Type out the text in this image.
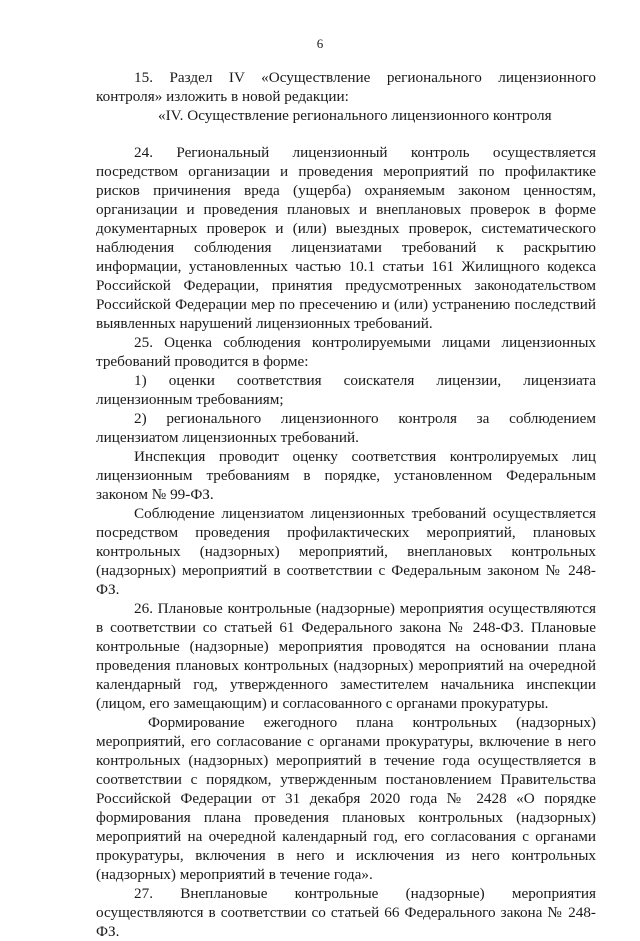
6

15. Раздел IV «Осуществление регионального лицензионного контроля» изложить в новой редакции:

«IV. Осуществление регионального лицензионного контроля

24. Региональный лицензионный контроль осуществляется посредством организации и проведения мероприятий по профилактике рисков причинения вреда (ущерба) охраняемым законом ценностям, организации и проведения плановых и внеплановых проверок в форме документарных проверок и (или) выездных проверок, систематического наблюдения соблюдения лицензиатами требований к раскрытию информации, установленных частью 10.1 статьи 161 Жилищного кодекса Российской Федерации, принятия предусмотренных законодательством Российской Федерации мер по пресечению и (или) устранению последствий выявленных нарушений лицензионных требований.

25. Оценка соблюдения контролируемыми лицами лицензионных требований проводится в форме:

1) оценки соответствия соискателя лицензии, лицензиата лицензионным требованиям;

2) регионального лицензионного контроля за соблюдением лицензиатом лицензионных требований.

Инспекция проводит оценку соответствия контролируемых лиц лицензионным требованиям в порядке, установленном Федеральным законом № 99-ФЗ.

Соблюдение лицензиатом лицензионных требований осуществляется посредством проведения профилактических мероприятий, плановых контрольных (надзорных) мероприятий, внеплановых контрольных (надзорных) мероприятий в соответствии с Федеральным законом № 248-ФЗ.

26. Плановые контрольные (надзорные) мероприятия осуществляются в соответствии со статьей 61 Федерального закона № 248-ФЗ. Плановые контрольные (надзорные) мероприятия проводятся на основании плана проведения плановых контрольных (надзорных) мероприятий на очередной календарный год, утвержденного заместителем начальника инспекции (лицом, его замещающим) и согласованного с органами прокуратуры.

Формирование ежегодного плана контрольных (надзорных) мероприятий, его согласование с органами прокуратуры, включение в него контрольных (надзорных) мероприятий в течение года осуществляется в соответствии с порядком, утвержденным постановлением Правительства Российской Федерации от 31 декабря 2020 года № 2428 «О порядке формирования плана проведения плановых контрольных (надзорных) мероприятий на очередной календарный год, его согласования с органами прокуратуры, включения в него и исключения из него контрольных (надзорных) мероприятий в течение года».

27. Внеплановые контрольные (надзорные) мероприятия осуществляются в соответствии со статьей 66 Федерального закона № 248-ФЗ.
